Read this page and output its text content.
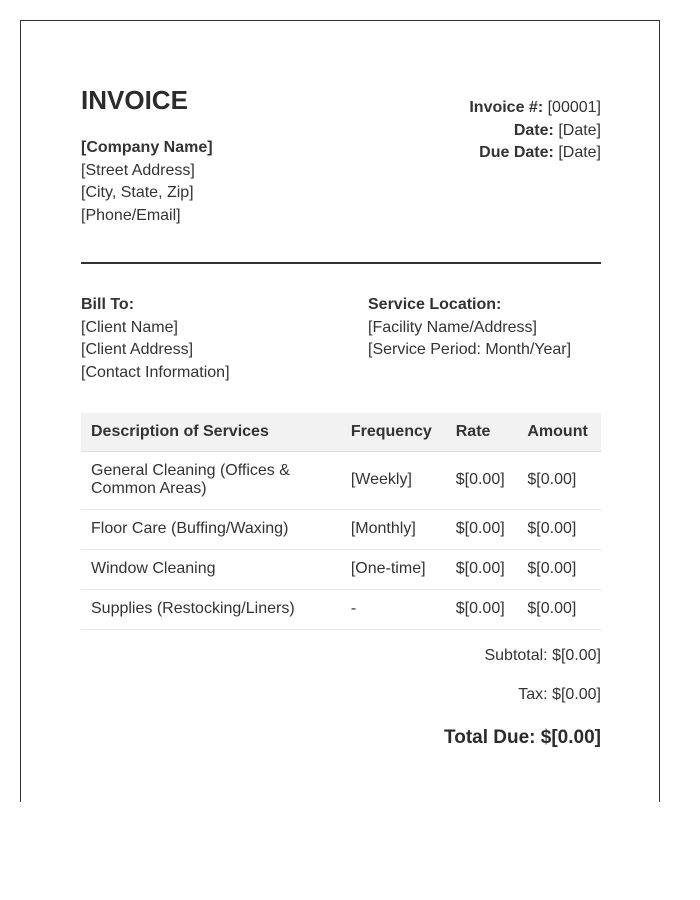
INVOICE
[Company Name]
[Street Address]
[City, State, Zip]
[Phone/Email]
Invoice #: [00001]
Date: [Date]
Due Date: [Date]
Bill To:
[Client Name]
[Client Address]
[Contact Information]
Service Location:
[Facility Name/Address]
[Service Period: Month/Year]
Description of Services	Frequency	Rate	Amount
General Cleaning (Offices & Common Areas)	[Weekly]	$[0.00]	$[0.00]
Floor Care (Buffing/Waxing)	[Monthly]	$[0.00]	$[0.00]
Window Cleaning	[One-time]	$[0.00]	$[0.00]
Supplies (Restocking/Liners)	-	$[0.00]	$[0.00]
Subtotal: $[0.00]
Tax: $[0.00]
Total Due: $[0.00]
